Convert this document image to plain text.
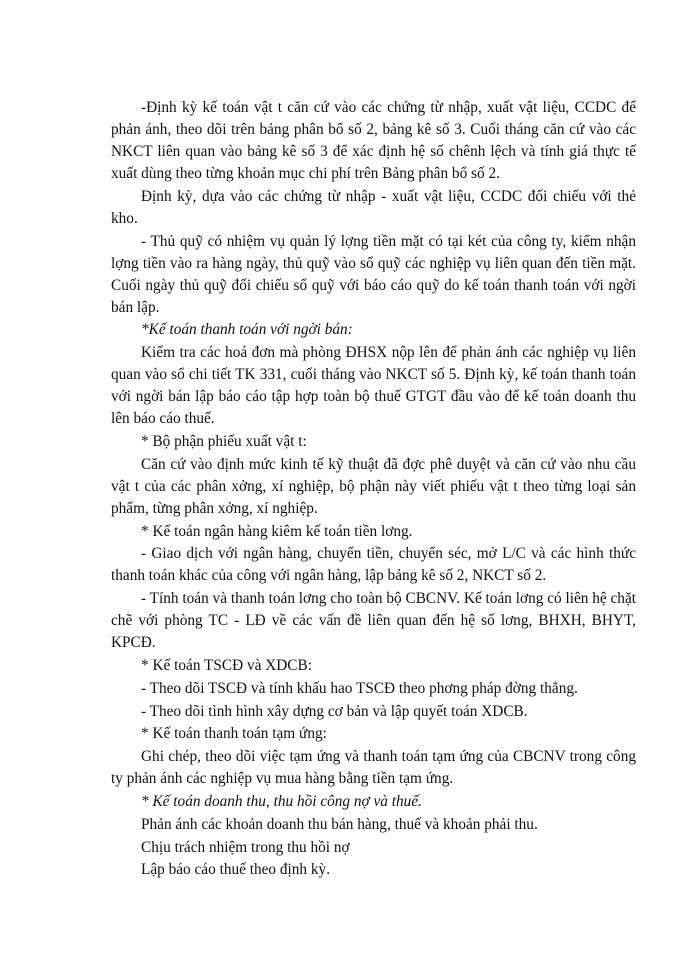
-Định kỳ kế toán vật t căn cứ vào các chứng từ nhập, xuất vật liệu, CCDC để phản ánh, theo dõi trên bảng phân bổ số 2, bảng kê số 3. Cuối tháng căn cứ vào các NKCT liên quan vào bảng kê số 3 để xác định hệ số chênh lệch và tính giá thực tế xuất dùng theo từng khoản mục chi phí trên Bảng phân bổ số 2.

Định kỳ, dựa vào các chứng từ nhập - xuất vật liệu, CCDC đối chiếu với thẻ kho.

- Thủ quỹ có nhiệm vụ quản lý lợng tiền mặt có tại két của công ty, kiểm nhận lợng tiền vào ra hàng ngày, thủ quỹ vào sổ quỹ các nghiệp vụ liên quan đến tiền mặt. Cuối ngày thủ quỹ đối chiếu sổ quỹ với báo cáo quỹ do kế toán thanh toán với ngời bán lập.

*Kế toán thanh toán với ngời bán:

Kiểm tra các hoá đơn mà phòng ĐHSX nộp lên để phản ánh các nghiệp vụ liên quan vào sổ chi tiết TK 331, cuối tháng vào NKCT số 5. Định kỳ, kế toán thanh toán với ngời bán lập báo cáo tập hợp toàn bộ thuế GTGT đầu vào để kế toán doanh thu lên báo cáo thuế.

* Bộ phận phiếu xuất vật t:

Căn cứ vào định mức kinh tế kỹ thuật đã đợc phê duyệt và căn cứ vào nhu cầu vật t của các phân xởng, xí nghiệp, bộ phận này viết phiếu vật t theo từng loại sản phẩm, từng phân xởng, xí nghiệp.

* Kế toán ngân hàng kiêm kế toán tiền lơng.

- Giao dịch với ngân hàng, chuyển tiền, chuyển séc, mở L/C và các hình thức thanh toán khác của công với ngân hàng, lập bảng kê số 2, NKCT số 2.

- Tính toán và thanh toán lơng cho toàn bộ CBCNV. Kế toán lơng có liên hệ chặt chẽ với phòng TC - LĐ về các vấn đề liên quan đến hệ số lơng, BHXH, BHYT, KPCĐ.

* Kế toán TSCĐ và XDCB:

- Theo dõi TSCĐ và tính khấu hao TSCĐ theo phơng pháp đờng thẳng.

- Theo dõi tình hình xây dựng cơ bản và lập quyết toán XDCB.

* Kế toán thanh toán tạm ứng:

Ghi chép, theo dõi việc tạm ứng và thanh toán tạm ứng của CBCNV trong công ty phản ánh các nghiệp vụ mua hàng bằng tiền tạm ứng.

* Kế toán doanh thu, thu hồi công nợ và thuế.

Phản ánh các khoản doanh thu bán hàng, thuế và khoản phải thu.

Chịu trách nhiệm trong thu hồi nợ

Lập báo cáo thuế theo định kỳ.
